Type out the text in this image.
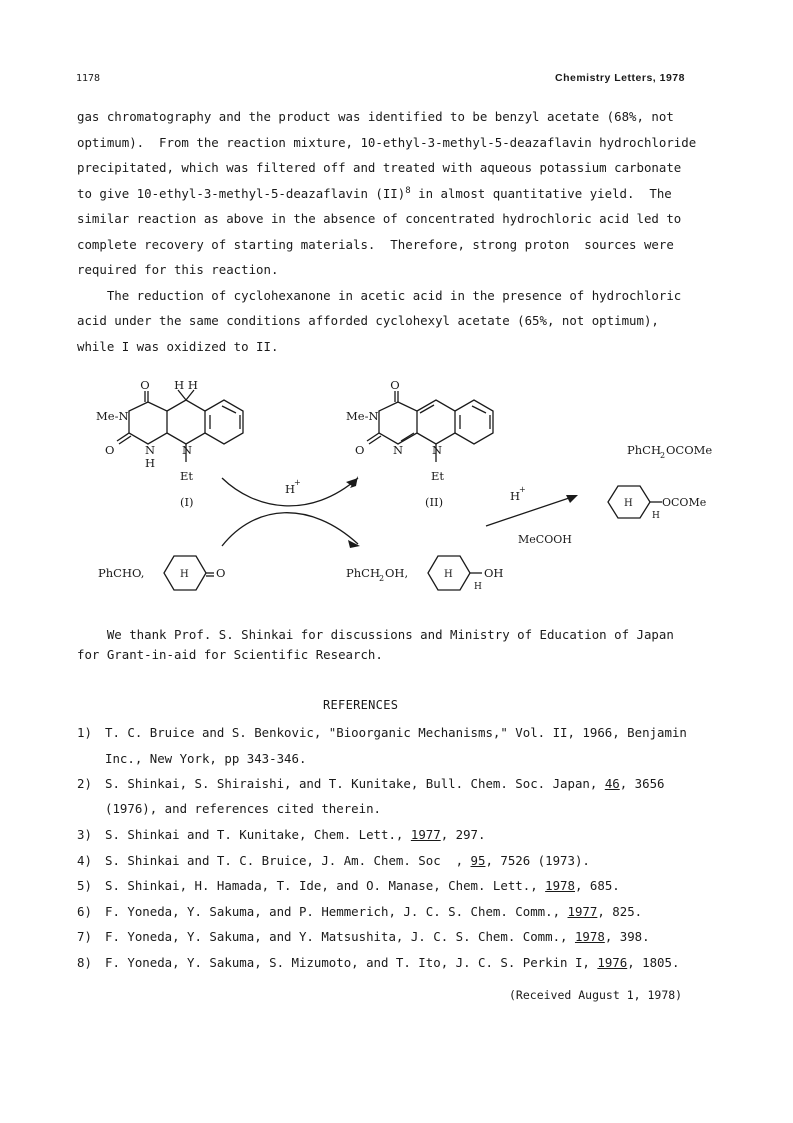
1178	Chemistry Letters, 1978
gas chromatography and the product was identified to be benzyl acetate (68%, not
optimum).  From the reaction mixture, 10-ethyl-3-methyl-5-deazaflavin hydrochloride
precipitated, which was filtered off and treated with aqueous potassium carbonate
to give 10-ethyl-3-methyl-5-deazaflavin (II)$^8$ in almost quantitative yield.  The
similar reaction as above in the absence of concentrated hydrochloric acid led to
complete recovery of starting materials.  Therefore, strong proton  sources were
required for this reaction.
The reduction of cyclohexanone in acetic acid in the presence of hydrochloric
acid under the same conditions afforded cyclohexyl acetate (65%, not optimum),
while I was oxidized to II.
O H H
Me-N
O	N
H
N
Et
(I)
O
Me-N
O N	N
Et
(II)
H
+
H
+
MeCOOH
PhCH 2 OCOMe
H	OCOMe
H
PhCHO,	H O	PhCH 2 OH,	H	OH
H
We thank Prof. S. Shinkai for discussions and Ministry of Education of Japan
for Grant-in-aid for Scientific Research.
REFERENCES
1) T. C. Bruice and S. Benkovic, "Bioorganic Mechanisms," Vol. II, 1966, Benjamin
Inc., New York, pp 343-346.
2) S. Shinkai, S. Shiraishi, and T. Kunitake, Bull. Chem. Soc. Japan, 46, 3656
(1976), and references cited therein.
3) S. Shinkai and T. Kunitake, Chem. Lett., 1977, 297.
4) S. Shinkai and T. C. Bruice, J. Am. Chem. Soc  , 95, 7526 (1973).
5) S. Shinkai, H. Hamada, T. Ide, and O. Manase, Chem. Lett., 1978, 685.
6) F. Yoneda, Y. Sakuma, and P. Hemmerich, J. C. S. Chem. Comm., 1977, 825.
7) F. Yoneda, Y. Sakuma, and Y. Matsushita, J. C. S. Chem. Comm., 1978, 398.
8) F. Yoneda, Y. Sakuma, S. Mizumoto, and T. Ito, J. C. S. Perkin I, 1976, 1805.
(Received August 1, 1978)
